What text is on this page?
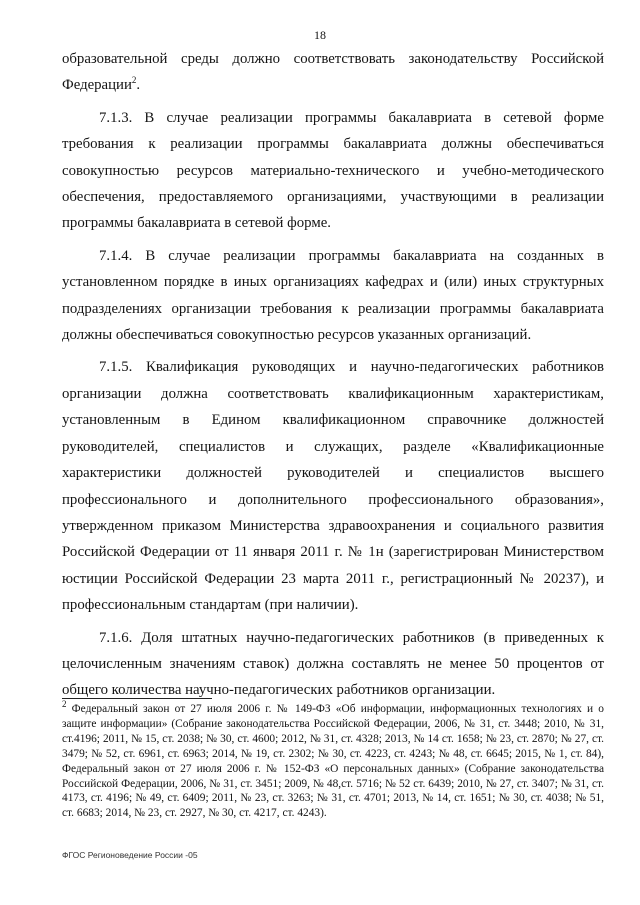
18

образовательной среды должно соответствовать законодательству Российской Федерации$^2$.

7.1.3. В случае реализации программы бакалавриата в сетевой форме требования к реализации программы бакалавриата должны обеспечиваться совокупностью ресурсов материально-технического и учебно-методического обеспечения, предоставляемого организациями, участвующими в реализации программы бакалавриата в сетевой форме.

7.1.4. В случае реализации программы бакалавриата на созданных в установленном порядке в иных организациях кафедрах и (или) иных структурных подразделениях организации требования к реализации программы бакалавриата должны обеспечиваться совокупностью ресурсов указанных организаций.

7.1.5. Квалификация руководящих и научно-педагогических работников организации должна соответствовать квалификационным характеристикам, установленным в Едином квалификационном справочнике должностей руководителей, специалистов и служащих, разделе «Квалификационные характеристики должностей руководителей и специалистов высшего профессионального и дополнительного профессионального образования», утвержденном приказом Министерства здравоохранения и социального развития Российской Федерации от 11 января 2011 г. № 1н (зарегистрирован Министерством юстиции Российской Федерации 23 марта 2011 г., регистрационный № 20237), и профессиональным стандартам (при наличии).

7.1.6. Доля штатных научно-педагогических работников (в приведенных к целочисленным значениям ставок) должна составлять не менее 50 процентов от общего количества научно-педагогических работников организации.

$^2$ Федеральный закон от 27 июля 2006 г. № 149-ФЗ «Об информации, информационных технологиях и о защите информации» (Собрание законодательства Российской Федерации, 2006, № 31, ст. 3448; 2010, № 31, ст.4196; 2011, № 15, ст. 2038; № 30, ст. 4600; 2012, № 31, ст. 4328; 2013, № 14 ст. 1658; № 23, ст. 2870; № 27, ст. 3479; № 52, ст. 6961, ст. 6963; 2014, № 19, ст. 2302; № 30, ст. 4223, ст. 4243; № 48, ст. 6645; 2015, № 1, ст. 84), Федеральный закон от 27 июля 2006 г. № 152-ФЗ «О персональных данных» (Собрание законодательства Российской Федерации, 2006, № 31, ст. 3451; 2009, № 48,ст. 5716; № 52 ст. 6439; 2010, № 27, ст. 3407; № 31, ст. 4173, ст. 4196; № 49, ст. 6409; 2011, № 23, ст. 3263; № 31, ст. 4701; 2013, № 14, ст. 1651; № 30, ст. 4038; № 51, ст. 6683; 2014, № 23, ст. 2927, № 30, ст. 4217, ст. 4243).

ФГОС Регионоведение России -05
